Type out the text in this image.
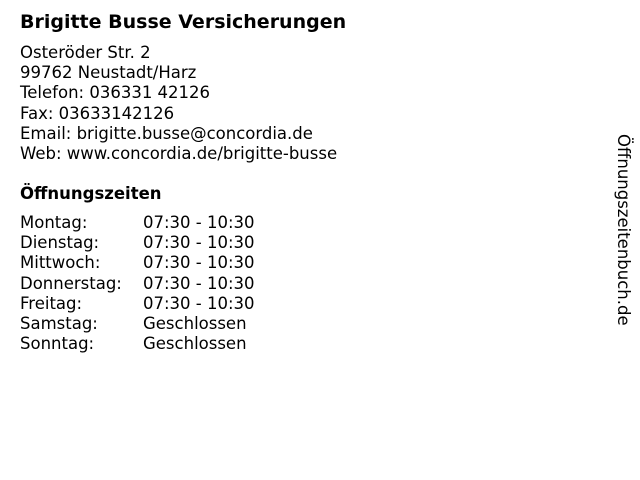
Brigitte Busse Versicherungen
Osteröder Str. 2
99762 Neustadt/Harz
Telefon: 036331 42126
Fax: 03633142126
Email: brigitte.busse@concordia.de
Web: www.concordia.de/brigitte-busse
Öffnungszeiten
Montag:	07:30 - 10:30
Dienstag:	07:30 - 10:30
Mittwoch:	07:30 - 10:30
Donnerstag: 07:30 - 10:30
Freitag:	07:30 - 10:30
Samstag:	Geschlossen
Sonntag:	Geschlossen
Öffnungszeitenbuch.de
